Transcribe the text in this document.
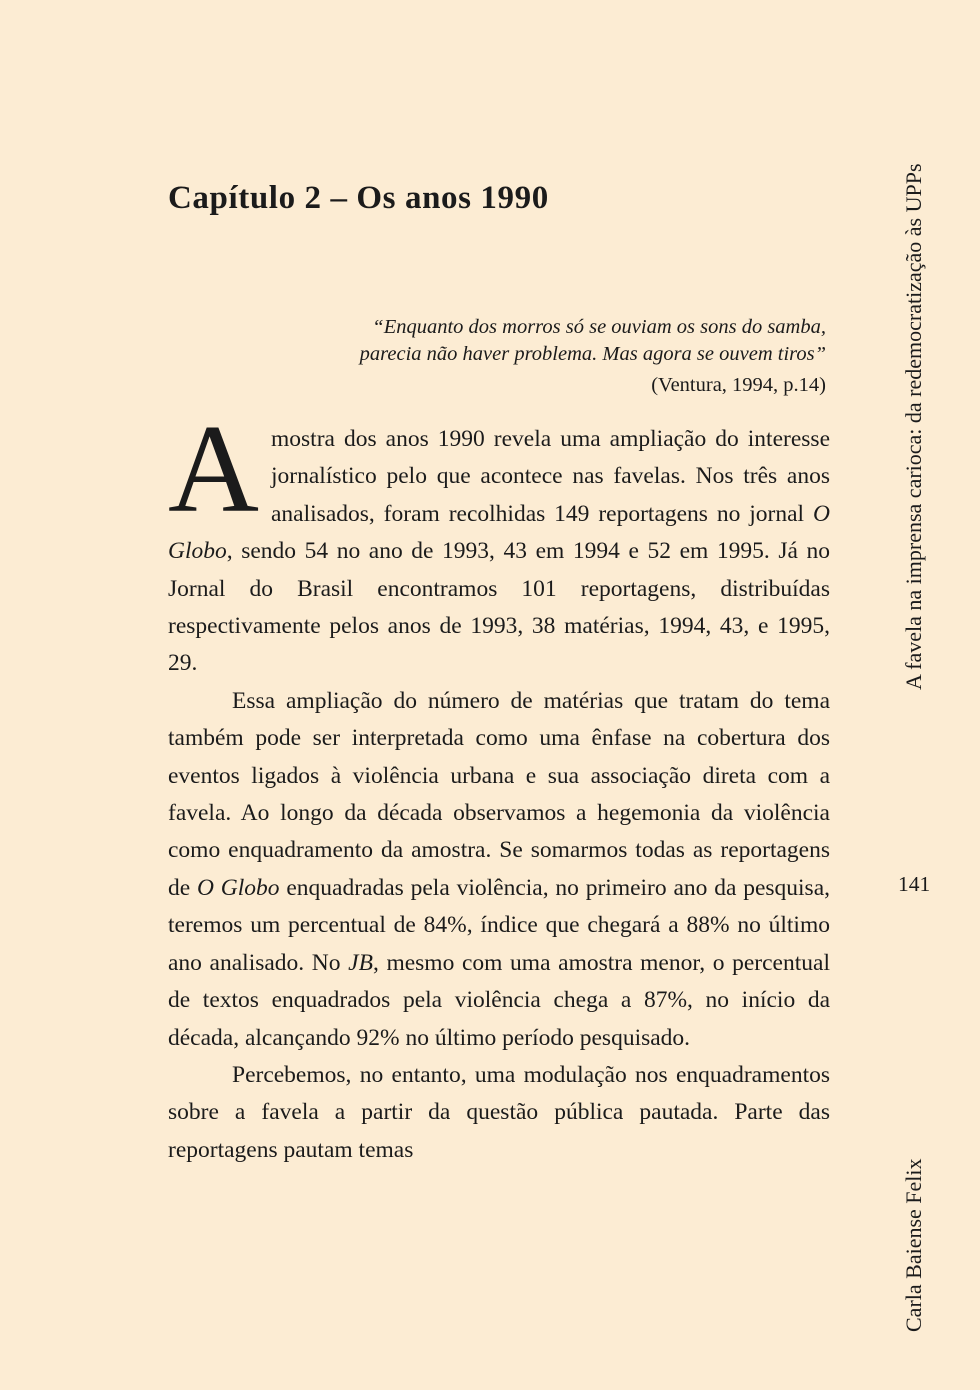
Capítulo 2 – Os anos 1990
“Enquanto dos morros só se ouviam os sons do samba,
parecia não haver problema. Mas agora se ouvem tiros”
(Ventura, 1994, p.14)

Amostra dos anos 1990 revela uma ampliação do interesse jornalístico pelo que acontece nas favelas. Nos três anos analisados, foram recolhidas 149 reportagens no jornal O Globo, sendo 54 no ano de 1993, 43 em 1994 e 52 em 1995. Já no Jornal do Brasil encontramos 101 reportagens, distribuídas respectivamente pelos anos de 1993, 38 matérias, 1994, 43, e 1995, 29.

Essa ampliação do número de matérias que tratam do tema também pode ser interpretada como uma ênfase na cobertura dos eventos ligados à violência urbana e sua associação direta com a favela. Ao longo da década observamos a hegemonia da violência como enquadramento da amostra. Se somarmos todas as reportagens de O Globo enquadradas pela violência, no primeiro ano da pesquisa, teremos um percentual de 84%, índice que chegará a 88% no último ano analisado. No JB, mesmo com uma amostra menor, o percentual de textos enquadrados pela violência chega a 87%, no início da década, alcançando 92% no último período pesquisado.

Percebemos, no entanto, uma modulação nos enquadramentos sobre a favela a partir da questão pública pautada. Parte das reportagens pautam temas

A favela na imprensa carioca: da redemocratização às UPPs
141
Carla Baiense Felix
